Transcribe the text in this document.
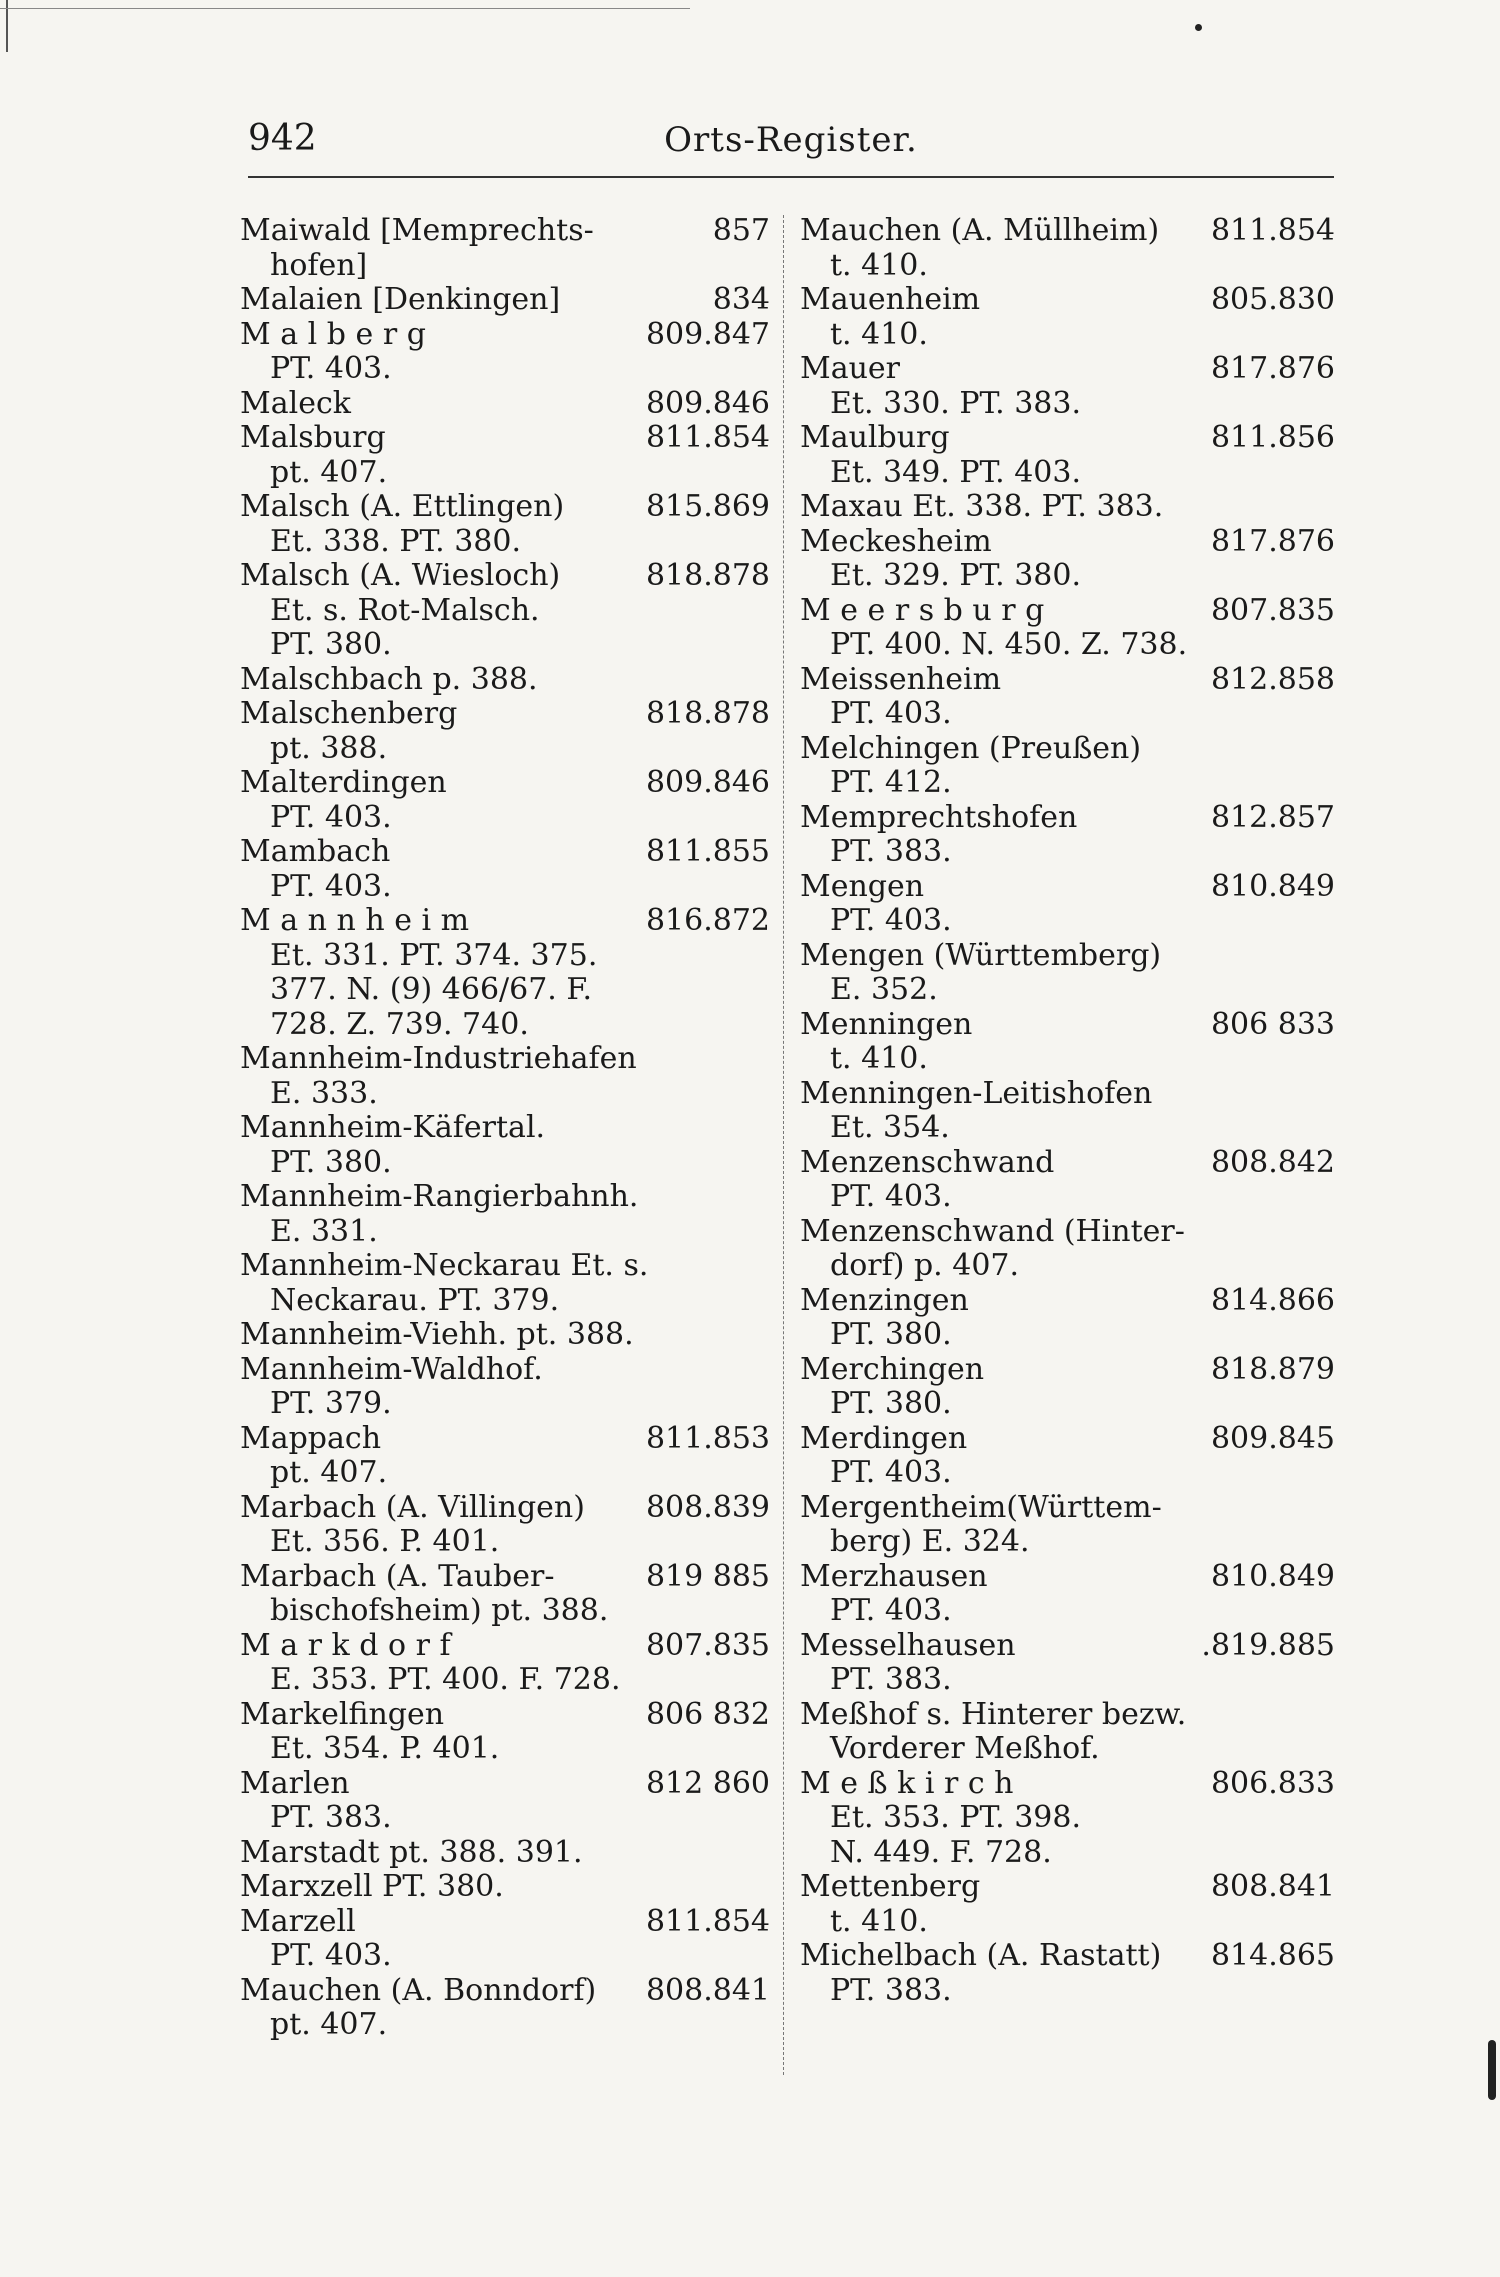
942	Orts-Register.
Maiwald [Memprechts-	857
hofen]
Malaien [Denkingen]	834
M a l b e r g	809.847
PT. 403.
Maleck	809.846
Malsburg	811.854
pt. 407.
Malsch (A. Ettlingen)	815.869
Et. 338. PT. 380.
Malsch (A. Wiesloch)	818.878
Et. s. Rot-Malsch.
PT. 380.
Malschbach p. 388.
Malschenberg	818.878
pt. 388.
Malterdingen	809.846
PT. 403.
Mambach	811.855
PT. 403.
M a n n h e i m	816.872
Et. 331. PT. 374. 375.
377. N. (9) 466/67. F.
728. Z. 739. 740.
Mannheim-Industriehafen
E. 333.
Mannheim-Käfertal.
PT. 380.
Mannheim-Rangierbahnh.
E. 331.
Mannheim-Neckarau Et. s.
Neckarau. PT. 379.
Mannheim-Viehh. pt. 388.
Mannheim-Waldhof.
PT. 379.
Mappach	811.853
pt. 407.
Marbach (A. Villingen) 808.839
Et. 356. P. 401.
Marbach (A. Tauber-	819 885
bischofsheim) pt. 388.
M a r k d o r f	807.835
E. 353. PT. 400. F. 728.
Markelfingen	806 832
Et. 354. P. 401.
Marlen	812 860
PT. 383.
Marstadt pt. 388. 391.
Marxzell PT. 380.
Marzell	811.854
PT. 403.
Mauchen (A. Bonndorf) 808.841
pt. 407.
Mauchen (A. Müllheim) 811.854
t. 410.
Mauenheim	805.830
t. 410.
Mauer	817.876
Et. 330. PT. 383.
Maulburg	811.856
Et. 349. PT. 403.
Maxau Et. 338. PT. 383.
Meckesheim	817.876
Et. 329. PT. 380.
M e e r s b u r g	807.835
PT. 400. N. 450. Z. 738.
Meissenheim	812.858
PT. 403.
Melchingen (Preußen)
PT. 412.
Memprechtshofen	812.857
PT. 383.
Mengen	810.849
PT. 403.
Mengen (Württemberg)
E. 352.
Menningen	806 833
t. 410.
Menningen-Leitishofen
Et. 354.
Menzenschwand	808.842
PT. 403.
Menzenschwand (Hinter-
dorf) p. 407.
Menzingen	814.866
PT. 380.
Merchingen	818.879
PT. 380.
Merdingen	809.845
PT. 403.
Mergentheim(Württem-
berg) E. 324.
Merzhausen	810.849
PT. 403.
Messelhausen	.819.885
PT. 383.
Meßhof s. Hinterer bezw.
Vorderer Meßhof.
M e ß k i r c h	806.833
Et. 353. PT. 398.
N. 449. F. 728.
Mettenberg	808.841
t. 410.
Michelbach (A. Rastatt) 814.865
PT. 383.
